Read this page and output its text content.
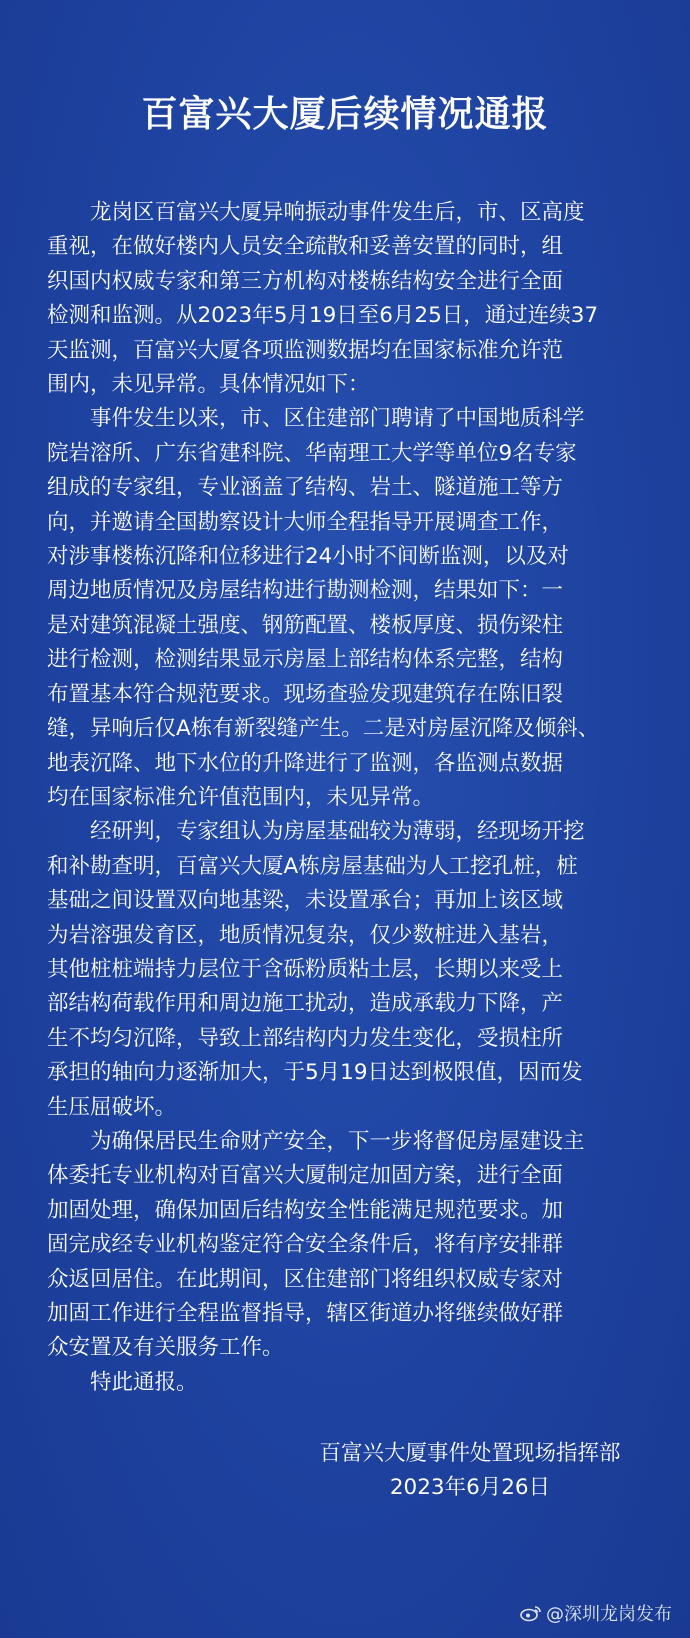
百富兴大厦后续情况通报

龙岗区百富兴大厦异响振动事件发生后，市、区高度
重视，在做好楼内人员安全疏散和妥善安置的同时，组
织国内权威专家和第三方机构对楼栋结构安全进行全面
检测和监测。从2023年5月19日至6月25日，通过连续37
天监测，百富兴大厦各项监测数据均在国家标准允许范
围内，未见异常。具体情况如下：

事件发生以来，市、区住建部门聘请了中国地质科学
院岩溶所、广东省建科院、华南理工大学等单位9名专家
组成的专家组，专业涵盖了结构、岩土、隧道施工等方
向，并邀请全国勘察设计大师全程指导开展调查工作，
对涉事楼栋沉降和位移进行24小时不间断监测，以及对
周边地质情况及房屋结构进行勘测检测，结果如下：一
是对建筑混凝土强度、钢筋配置、楼板厚度、损伤梁柱
进行检测，检测结果显示房屋上部结构体系完整，结构
布置基本符合规范要求。现场查验发现建筑存在陈旧裂
缝，异响后仅A栋有新裂缝产生。二是对房屋沉降及倾斜、
地表沉降、地下水位的升降进行了监测，各监测点数据
均在国家标准允许值范围内，未见异常。

经研判，专家组认为房屋基础较为薄弱，经现场开挖
和补勘查明，百富兴大厦A栋房屋基础为人工挖孔桩，桩
基础之间设置双向地基梁，未设置承台；再加上该区域
为岩溶强发育区，地质情况复杂，仅少数桩进入基岩，
其他桩桩端持力层位于含砾粉质粘土层，长期以来受上
部结构荷载作用和周边施工扰动，造成承载力下降，产
生不均匀沉降，导致上部结构内力发生变化，受损柱所
承担的轴向力逐渐加大，于5月19日达到极限值，因而发
生压屈破坏。

为确保居民生命财产安全，下一步将督促房屋建设主
体委托专业机构对百富兴大厦制定加固方案，进行全面
加固处理，确保加固后结构安全性能满足规范要求。加
固完成经专业机构鉴定符合安全条件后，将有序安排群
众返回居住。在此期间，区住建部门将组织权威专家对
加固工作进行全程监督指导，辖区街道办将继续做好群
众安置及有关服务工作。

特此通报。

百富兴大厦事件处置现场指挥部
2023年6月26日
@深圳龙岗发布
